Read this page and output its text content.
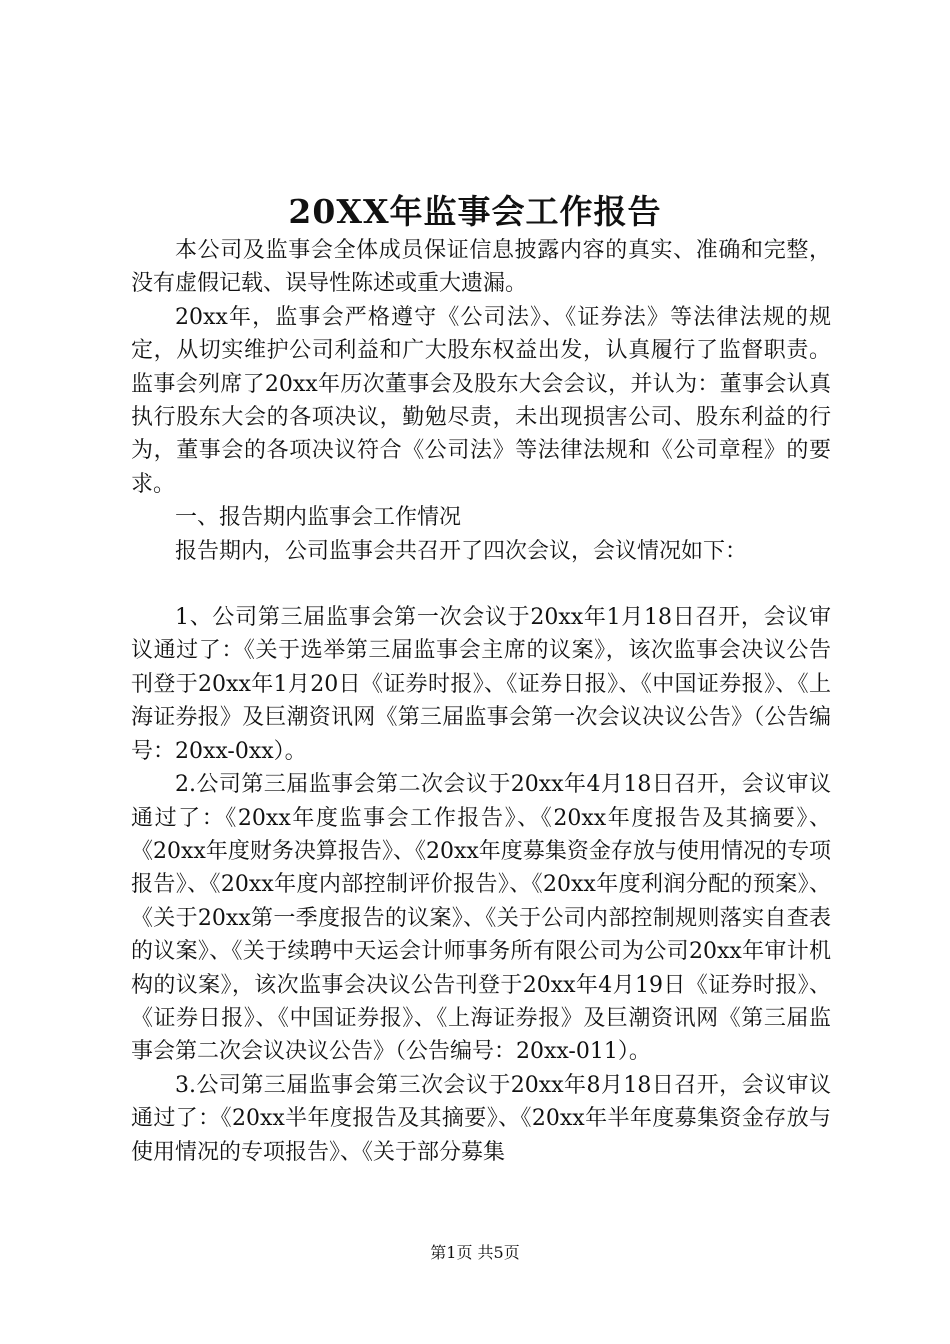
20XX年监事会工作报告

本公司及监事会全体成员保证信息披露内容的真实、准确和完整，没有虚假记载、误导性陈述或重大遗漏。

20xx年，监事会严格遵守《公司法》、《证券法》等法律法规的规定，从切实维护公司利益和广大股东权益出发，认真履行了监督职责。监事会列席了20xx年历次董事会及股东大会会议，并认为：董事会认真执行股东大会的各项决议，勤勉尽责，未出现损害公司、股东利益的行为，董事会的各项决议符合《公司法》等法律法规和《公司章程》的要求。

一、报告期内监事会工作情况

报告期内，公司监事会共召开了四次会议，会议情况如下：

1、公司第三届监事会第一次会议于20xx年1月18日召开，会议审议通过了：《关于选举第三届监事会主席的议案》，该次监事会决议公告刊登于20xx年1月20日《证券时报》、《证券日报》、《中国证券报》、《上海证券报》及巨潮资讯网《第三届监事会第一次会议决议公告》（公告编号：20xx-0xx）。

2.公司第三届监事会第二次会议于20xx年4月18日召开，会议审议通过了：《20xx年度监事会工作报告》、《20xx年度报告及其摘要》、《20xx年度财务决算报告》、《20xx年度募集资金存放与使用情况的专项报告》、《20xx年度内部控制评价报告》、《20xx年度利润分配的预案》、《关于20xx第一季度报告的议案》、《关于公司内部控制规则落实自查表的议案》、《关于续聘中天运会计师事务所有限公司为公司20xx年审计机构的议案》，该次监事会决议公告刊登于20xx年4月19日《证券时报》、《证券日报》、《中国证券报》、《上海证券报》及巨潮资讯网《第三届监事会第二次会议决议公告》（公告编号：20xx-011）。

3.公司第三届监事会第三次会议于20xx年8月18日召开，会议审议通过了：《20xx半年度报告及其摘要》、《20xx年半年度募集资金存放与使用情况的专项报告》、《关于部分募集

第1页 共5页
